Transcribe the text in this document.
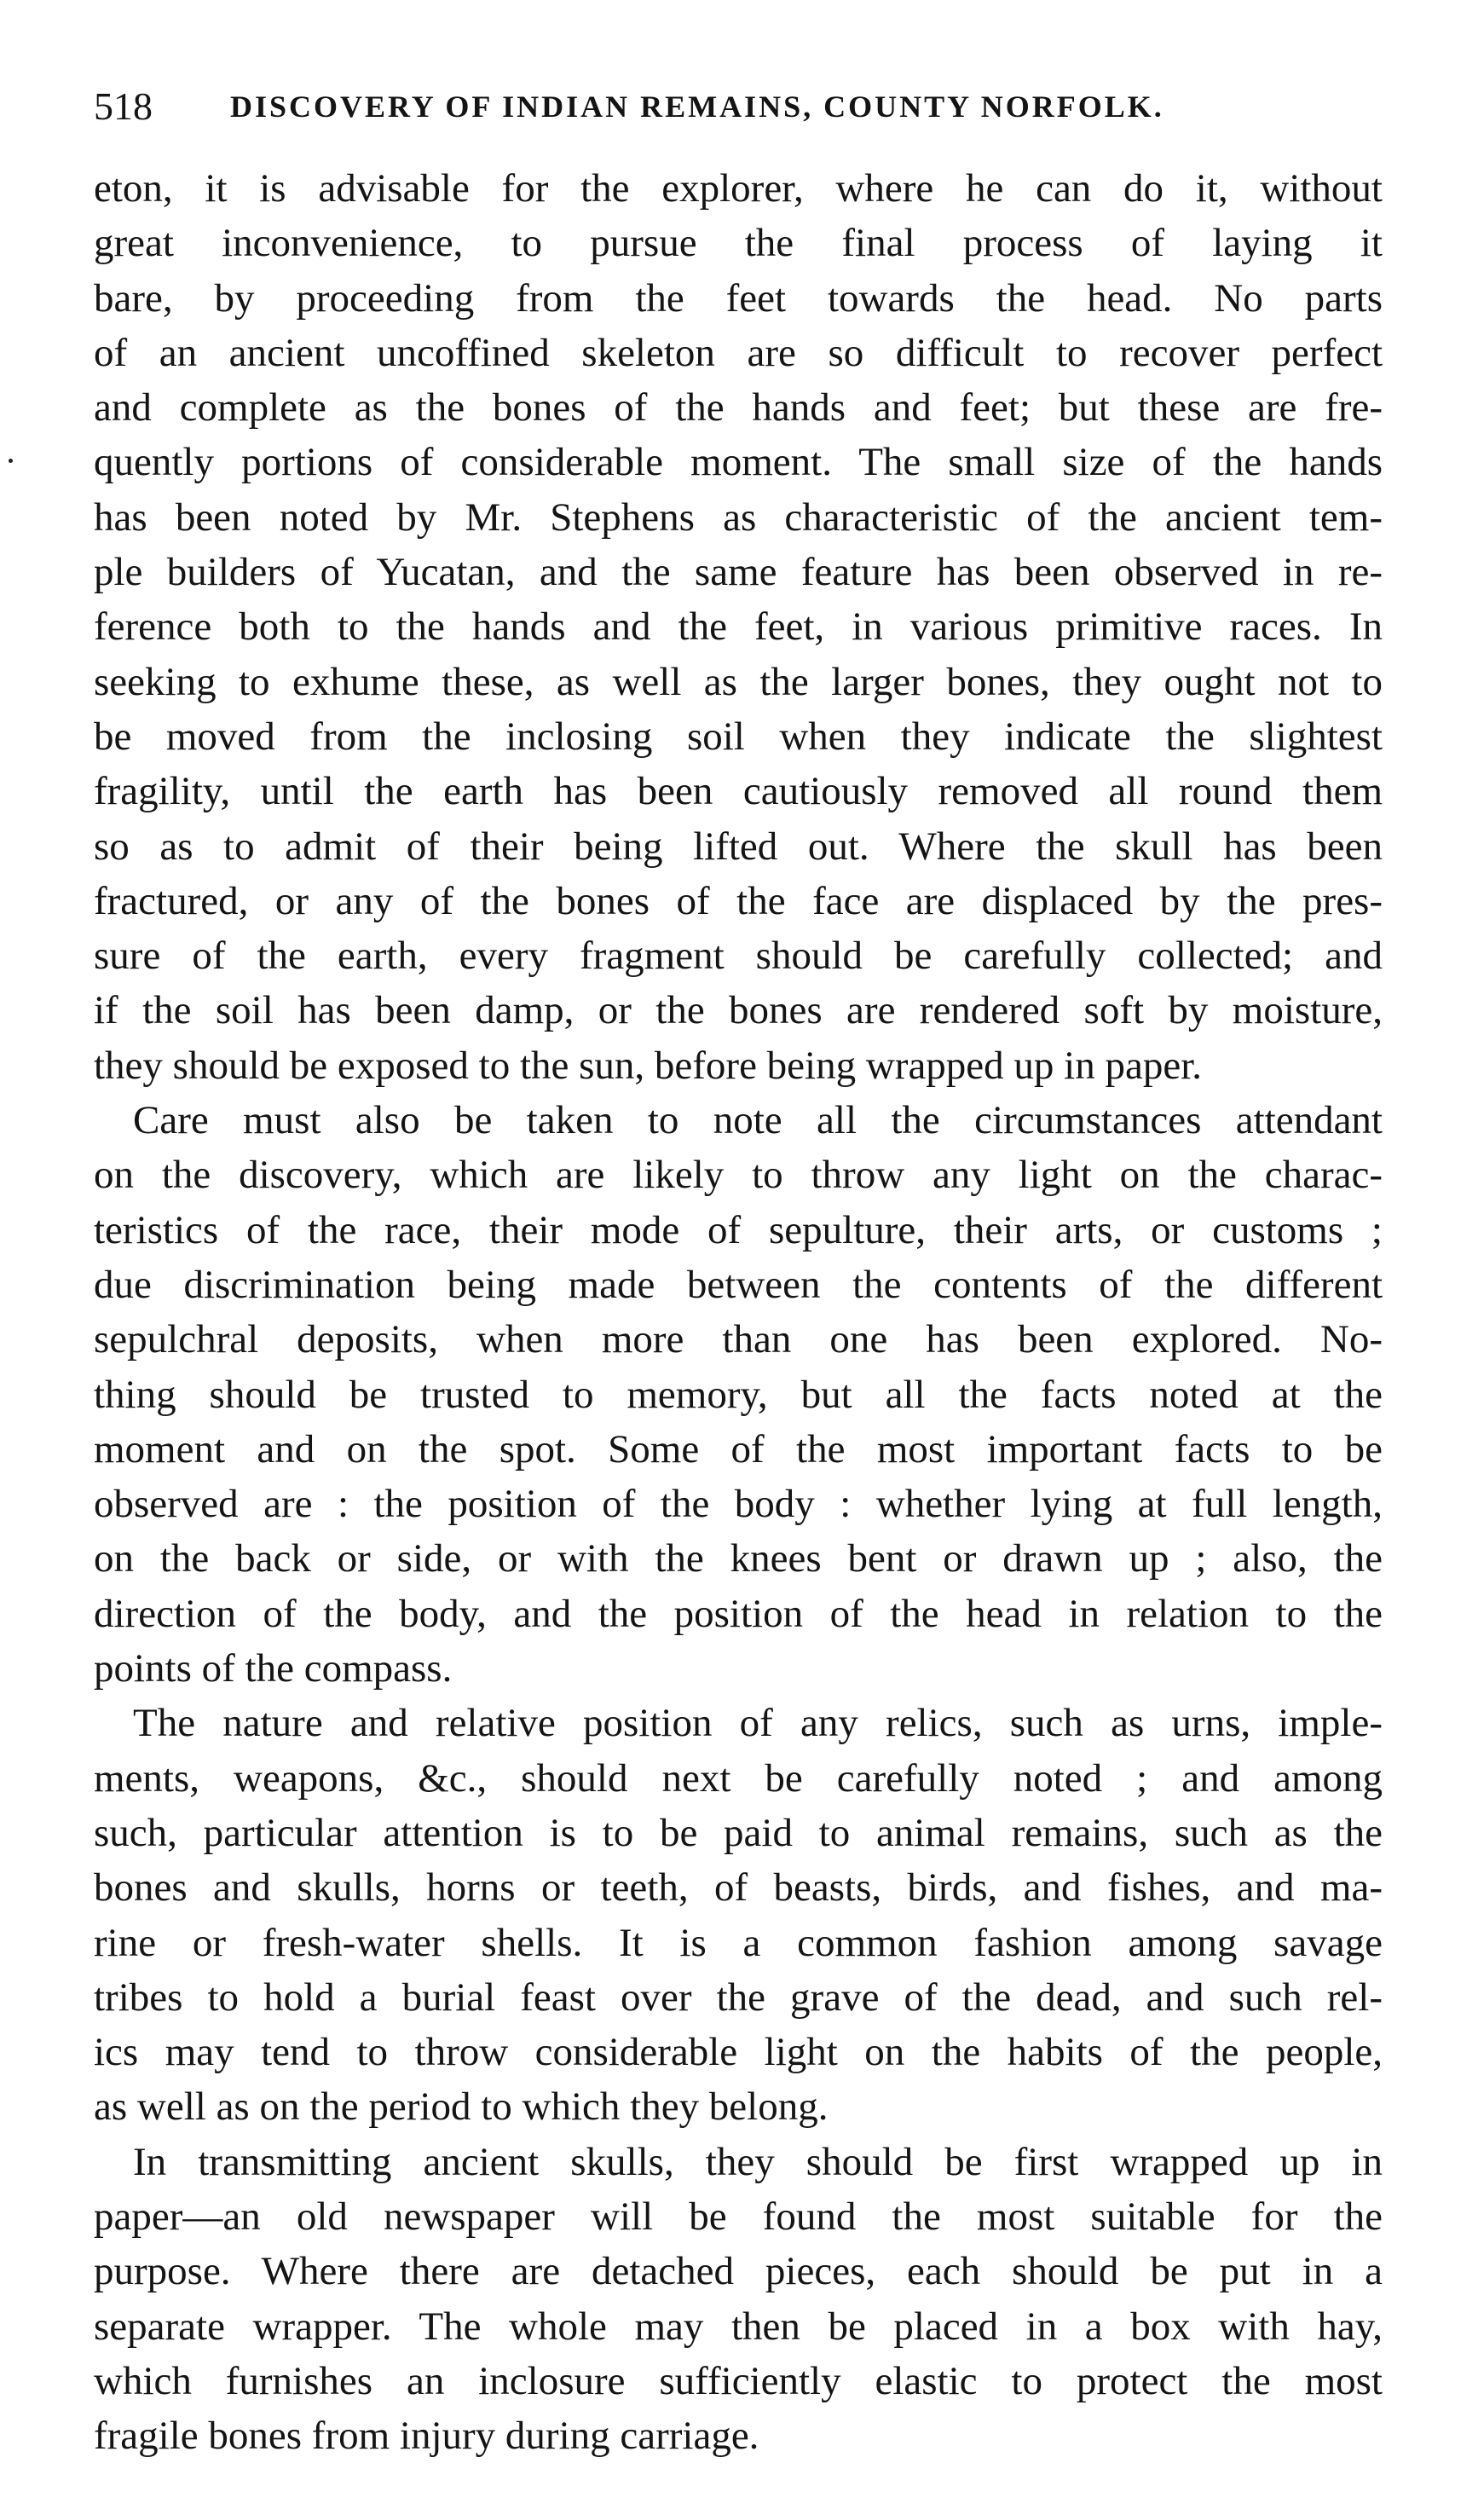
518	DISCOVERY OF INDIAN REMAINS, COUNTY NORFOLK.
eton, it is advisable for the explorer, where he can do it, without
great inconvenience, to pursue the final process of laying it
bare, by proceeding from the feet towards the head. No parts
of an ancient uncoffined skeleton are so difficult to recover perfect
and complete as the bones of the hands and feet; but these are fre-
quently portions of considerable moment. The small size of the hands
has been noted by Mr. Stephens as characteristic of the ancient tem-
ple builders of Yucatan, and the same feature has been observed in re-
ference both to the hands and the feet, in various primitive races. In
seeking to exhume these, as well as the larger bones, they ought not to
be moved from the inclosing soil when they indicate the slightest
fragility, until the earth has been cautiously removed all round them
so as to admit of their being lifted out. Where the skull has been
fractured, or any of the bones of the face are displaced by the pres-
sure of the earth, every fragment should be carefully collected; and
if the soil has been damp, or the bones are rendered soft by moisture,
they should be exposed to the sun, before being wrapped up in paper.
Care must also be taken to note all the circumstances attendant
on the discovery, which are likely to throw any light on the charac-
teristics of the race, their mode of sepulture, their arts, or customs ;
due discrimination being made between the contents of the different
sepulchral deposits, when more than one has been explored. No-
thing should be trusted to memory, but all the facts noted at the
moment and on the spot. Some of the most important facts to be
observed are : the position of the body : whether lying at full length,
on the back or side, or with the knees bent or drawn up ; also, the
direction of the body, and the position of the head in relation to the
points of the compass.
The nature and relative position of any relics, such as urns, imple-
ments, weapons, &c., should next be carefully noted ; and among
such, particular attention is to be paid to animal remains, such as the
bones and skulls, horns or teeth, of beasts, birds, and fishes, and ma-
rine or fresh-water shells. It is a common fashion among savage
tribes to hold a burial feast over the grave of the dead, and such rel-
ics may tend to throw considerable light on the habits of the people,
as well as on the period to which they belong.
In transmitting ancient skulls, they should be first wrapped up in
paper—an old newspaper will be found the most suitable for the
purpose. Where there are detached pieces, each should be put in a
separate wrapper. The whole may then be placed in a box with hay,
which furnishes an inclosure sufficiently elastic to protect the most
fragile bones from injury during carriage.
